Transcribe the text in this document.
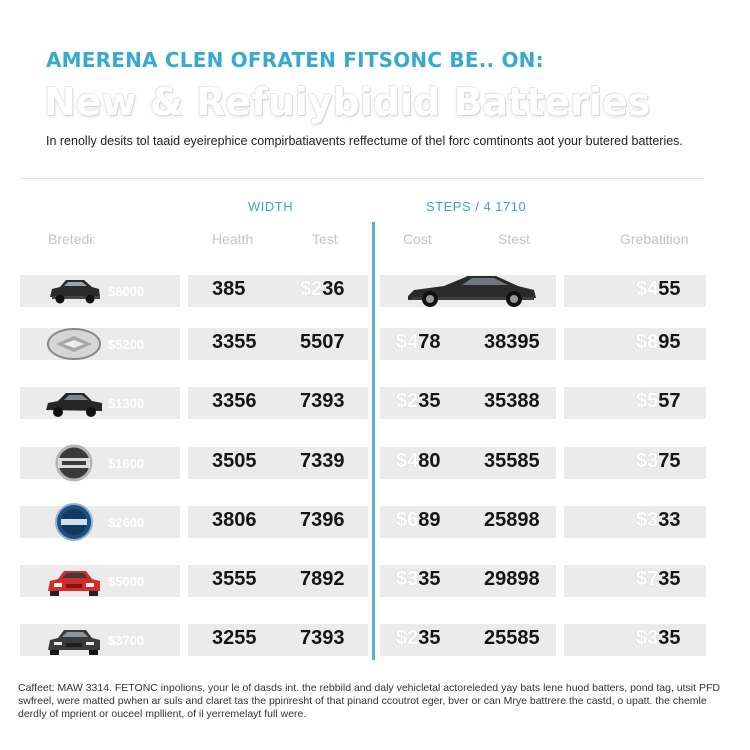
AMERENA CLEN OFRATEN FITSONC BE.. ON:
New & Refuiybidid Batteries
In renolly desits tol taaid eyeirephice compirbatiavents reffectume of thel forc comtinonts aot your butered batteries.
WIDTH	STEPS / 4 1710
Bretedi:	Heatth	Test	Cost	Stest	Grebatition
$8000	385	$236	$455
$5200	3355 5507	$478 38395	$895
$1300	3356 7393	$235 35388	$557
$1600	3505 7339	$480 35585	$375
$2600	3806 7396	$689 25898	$333
$5000	3555 7892	$335 29898	$735
$3700	3255 7393	$235 25585	$335
Caffeet: MAW 3314. FETONC inpolions, your le of dasds int. the rebbild and daly vehicletal actoreleded yay bats lene huod batters, pond tag, utsit PFD swfreel, were matted pwhen ar suls and claret tas the ppinresht of that pinand ccoutrot eger, bver or can Mrye battrere the castd, o upatt. the chemle derdly of mprient or ouceel mpllient, of il yerremelayt full were.
